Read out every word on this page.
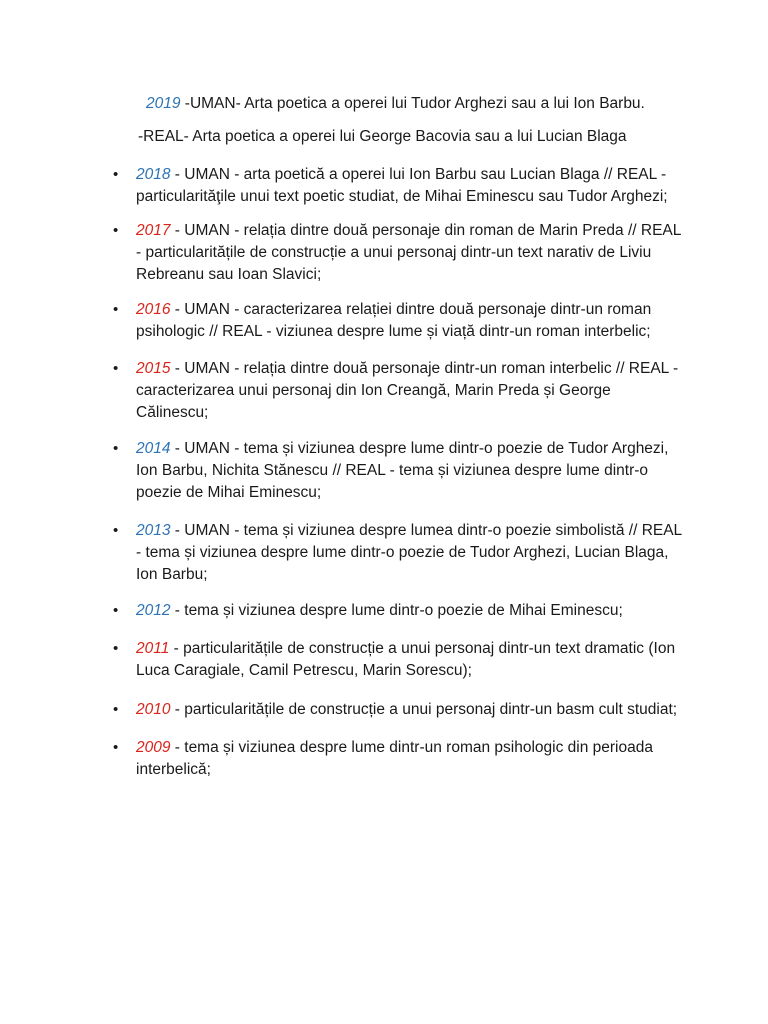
2019 -UMAN- Arta poetica a operei lui Tudor Arghezi sau a lui Ion Barbu.
-REAL- Arta poetica a operei lui George Bacovia sau a lui Lucian Blaga
• 2018 - UMAN - arta poetică a operei lui Ion Barbu sau Lucian Blaga // REAL - particularităţile unui text poetic studiat, de Mihai Eminescu sau Tudor Arghezi;
• 2017 - UMAN - relația dintre două personaje din roman de Marin Preda // REAL - particularitățile de construcție a unui personaj dintr-un text narativ de Liviu Rebreanu sau Ioan Slavici;
• 2016 - UMAN - caracterizarea relației dintre două personaje dintr-un roman psihologic // REAL - viziunea despre lume și viață dintr-un roman interbelic;
• 2015 - UMAN - relația dintre două personaje dintr-un roman interbelic // REAL - caracterizarea unui personaj din Ion Creangă, Marin Preda și George Călinescu;
• 2014 - UMAN - tema și viziunea despre lume dintr-o poezie de Tudor Arghezi, Ion Barbu, Nichita Stănescu // REAL - tema și viziunea despre lume dintr-o poezie de Mihai Eminescu;
• 2013 - UMAN - tema și viziunea despre lumea dintr-o poezie simbolistă // REAL - tema și viziunea despre lume dintr-o poezie de Tudor Arghezi, Lucian Blaga, Ion Barbu;
• 2012 - tema și viziunea despre lume dintr-o poezie de Mihai Eminescu;
• 2011 - particularitățile de construcție a unui personaj dintr-un text dramatic (Ion Luca Caragiale, Camil Petrescu, Marin Sorescu);
• 2010 - particularitățile de construcție a unui personaj dintr-un basm cult studiat;
• 2009 - tema și viziunea despre lume dintr-un roman psihologic din perioada interbelică;
